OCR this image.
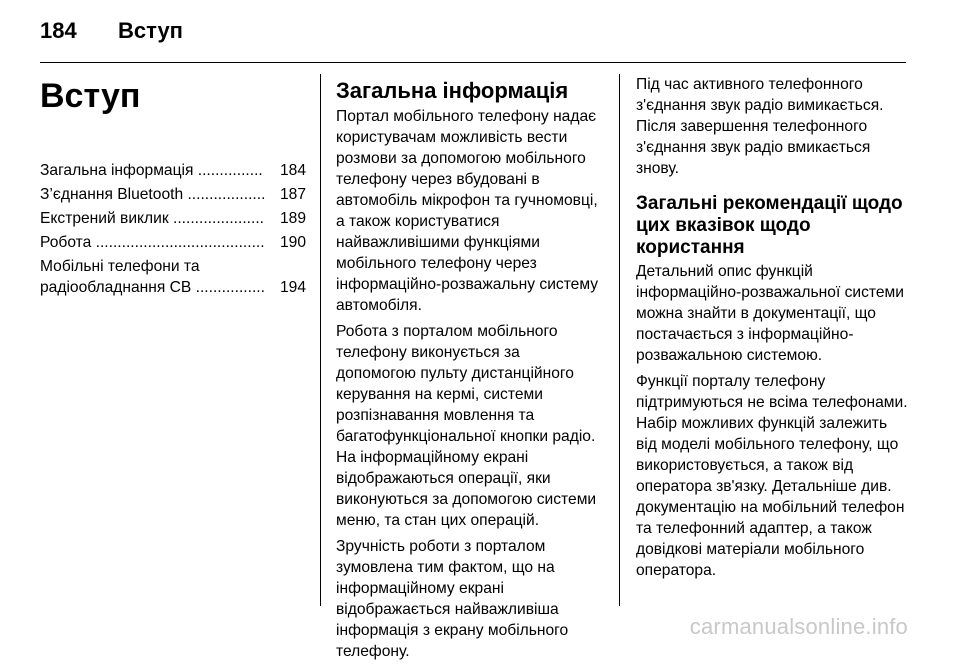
184 Вступ
Вступ
Загальна інформація ...............	184
З’єднання Bluetooth .................. 187
Екстрений виклик .....................	189
Робота ....................................... 190
Мобільні телефони та радіообладнання CB ................ 194
Загальна інформація

Портал мобільного телефону надає користувачам можливість вести розмови за допомогою мобільного телефону через вбудовані в автомобіль мікрофон та гучномовці, а також користуватися найважливішими функціями мобільного телефону через інформаційно-розважальну систему автомобіля.

Робота з порталом мобільного телефону виконується за допомогою пульту дистанційного керування на кермі, системи розпізнавання мовлення та багатофункціональної кнопки радіо. На інформаційному екрані відображаються операції, яки виконуються за допомогою системи меню, та стан цих операцій.

Зручність роботи з порталом зумовлена тим фактом, що на інформаційному екрані відображається найважливіша інформація з екрану мобільного телефону.

Під час активного телефонного з'єднання звук радіо вимикається. Після завершення телефонного з'єднання звук радіо вмикається знову.

Загальні рекомендації щодо цих вказівок щодо користання

Детальний опис функцій інформаційно-розважальної системи можна знайти в документації, що постачається з інформаційно-розважальною системою.

Функції порталу телефону підтримуються не всіма телефонами. Набір можливих функцій залежить від моделі мобільного телефону, що використовується, а також від оператора зв'язку. Детальніше див. документацію на мобільний телефон та телефонний адаптер, а також довідкові матеріали мобільного оператора.

carmanualsonline.info
